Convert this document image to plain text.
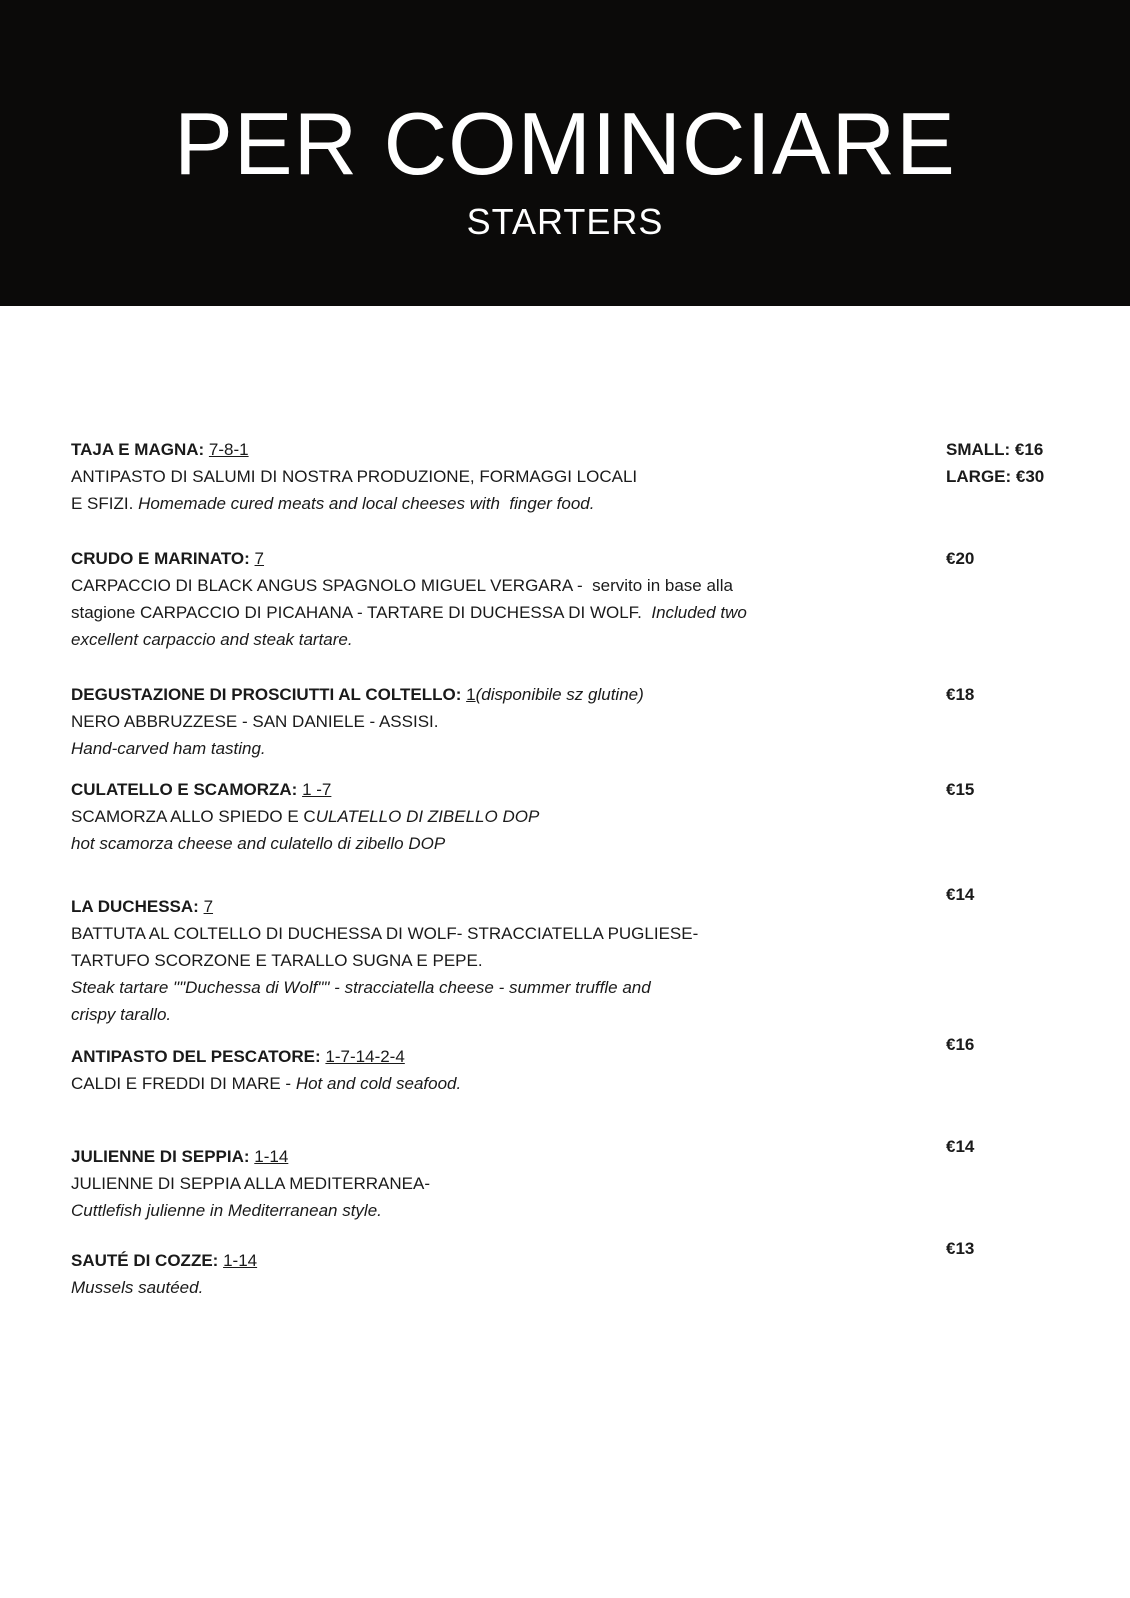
PER COMINCIARE
STARTERS
TAJA E MAGNA: 7-8-1
ANTIPASTO DI SALUMI DI NOSTRA PRODUZIONE, FORMAGGI LOCALI
E SFIZI. Homemade cured meats and local cheeses with  finger food.
SMALL: €16
LARGE: €30
CRUDO E MARINATO: 7
CARPACCIO DI BLACK ANGUS SPAGNOLO MIGUEL VERGARA -  servito in base alla
stagione CARPACCIO DI PICAHANA - TARTARE DI DUCHESSA DI WOLF.  Included two
excellent carpaccio and steak tartare.
€20
DEGUSTAZIONE DI PROSCIUTTI AL COLTELLO: 1(disponibile sz glutine)
NERO ABBRUZZESE - SAN DANIELE - ASSISI.
Hand-carved ham tasting.
€18
CULATELLO E SCAMORZA: 1 -7
SCAMORZA ALLO SPIEDO E CULATELLO DI ZIBELLO DOP
hot scamorza cheese and culatello di zibello DOP
€15
LA DUCHESSA: 7
BATTUTA AL COLTELLO DI DUCHESSA DI WOLF- STRACCIATELLA PUGLIESE-
TARTUFO SCORZONE E TARALLO SUGNA E PEPE.
Steak tartare ""Duchessa di Wolf"" - stracciatella cheese - summer truffle and
crispy tarallo.
€14
ANTIPASTO DEL PESCATORE: 1-7-14-2-4
CALDI E FREDDI DI MARE - Hot and cold seafood.
€16
JULIENNE DI SEPPIA: 1-14
JULIENNE DI SEPPIA ALLA MEDITERRANEA-
Cuttlefish julienne in Mediterranean style.
€14
SAUTÉ DI COZZE: 1-14
Mussels sautéed.
€13
